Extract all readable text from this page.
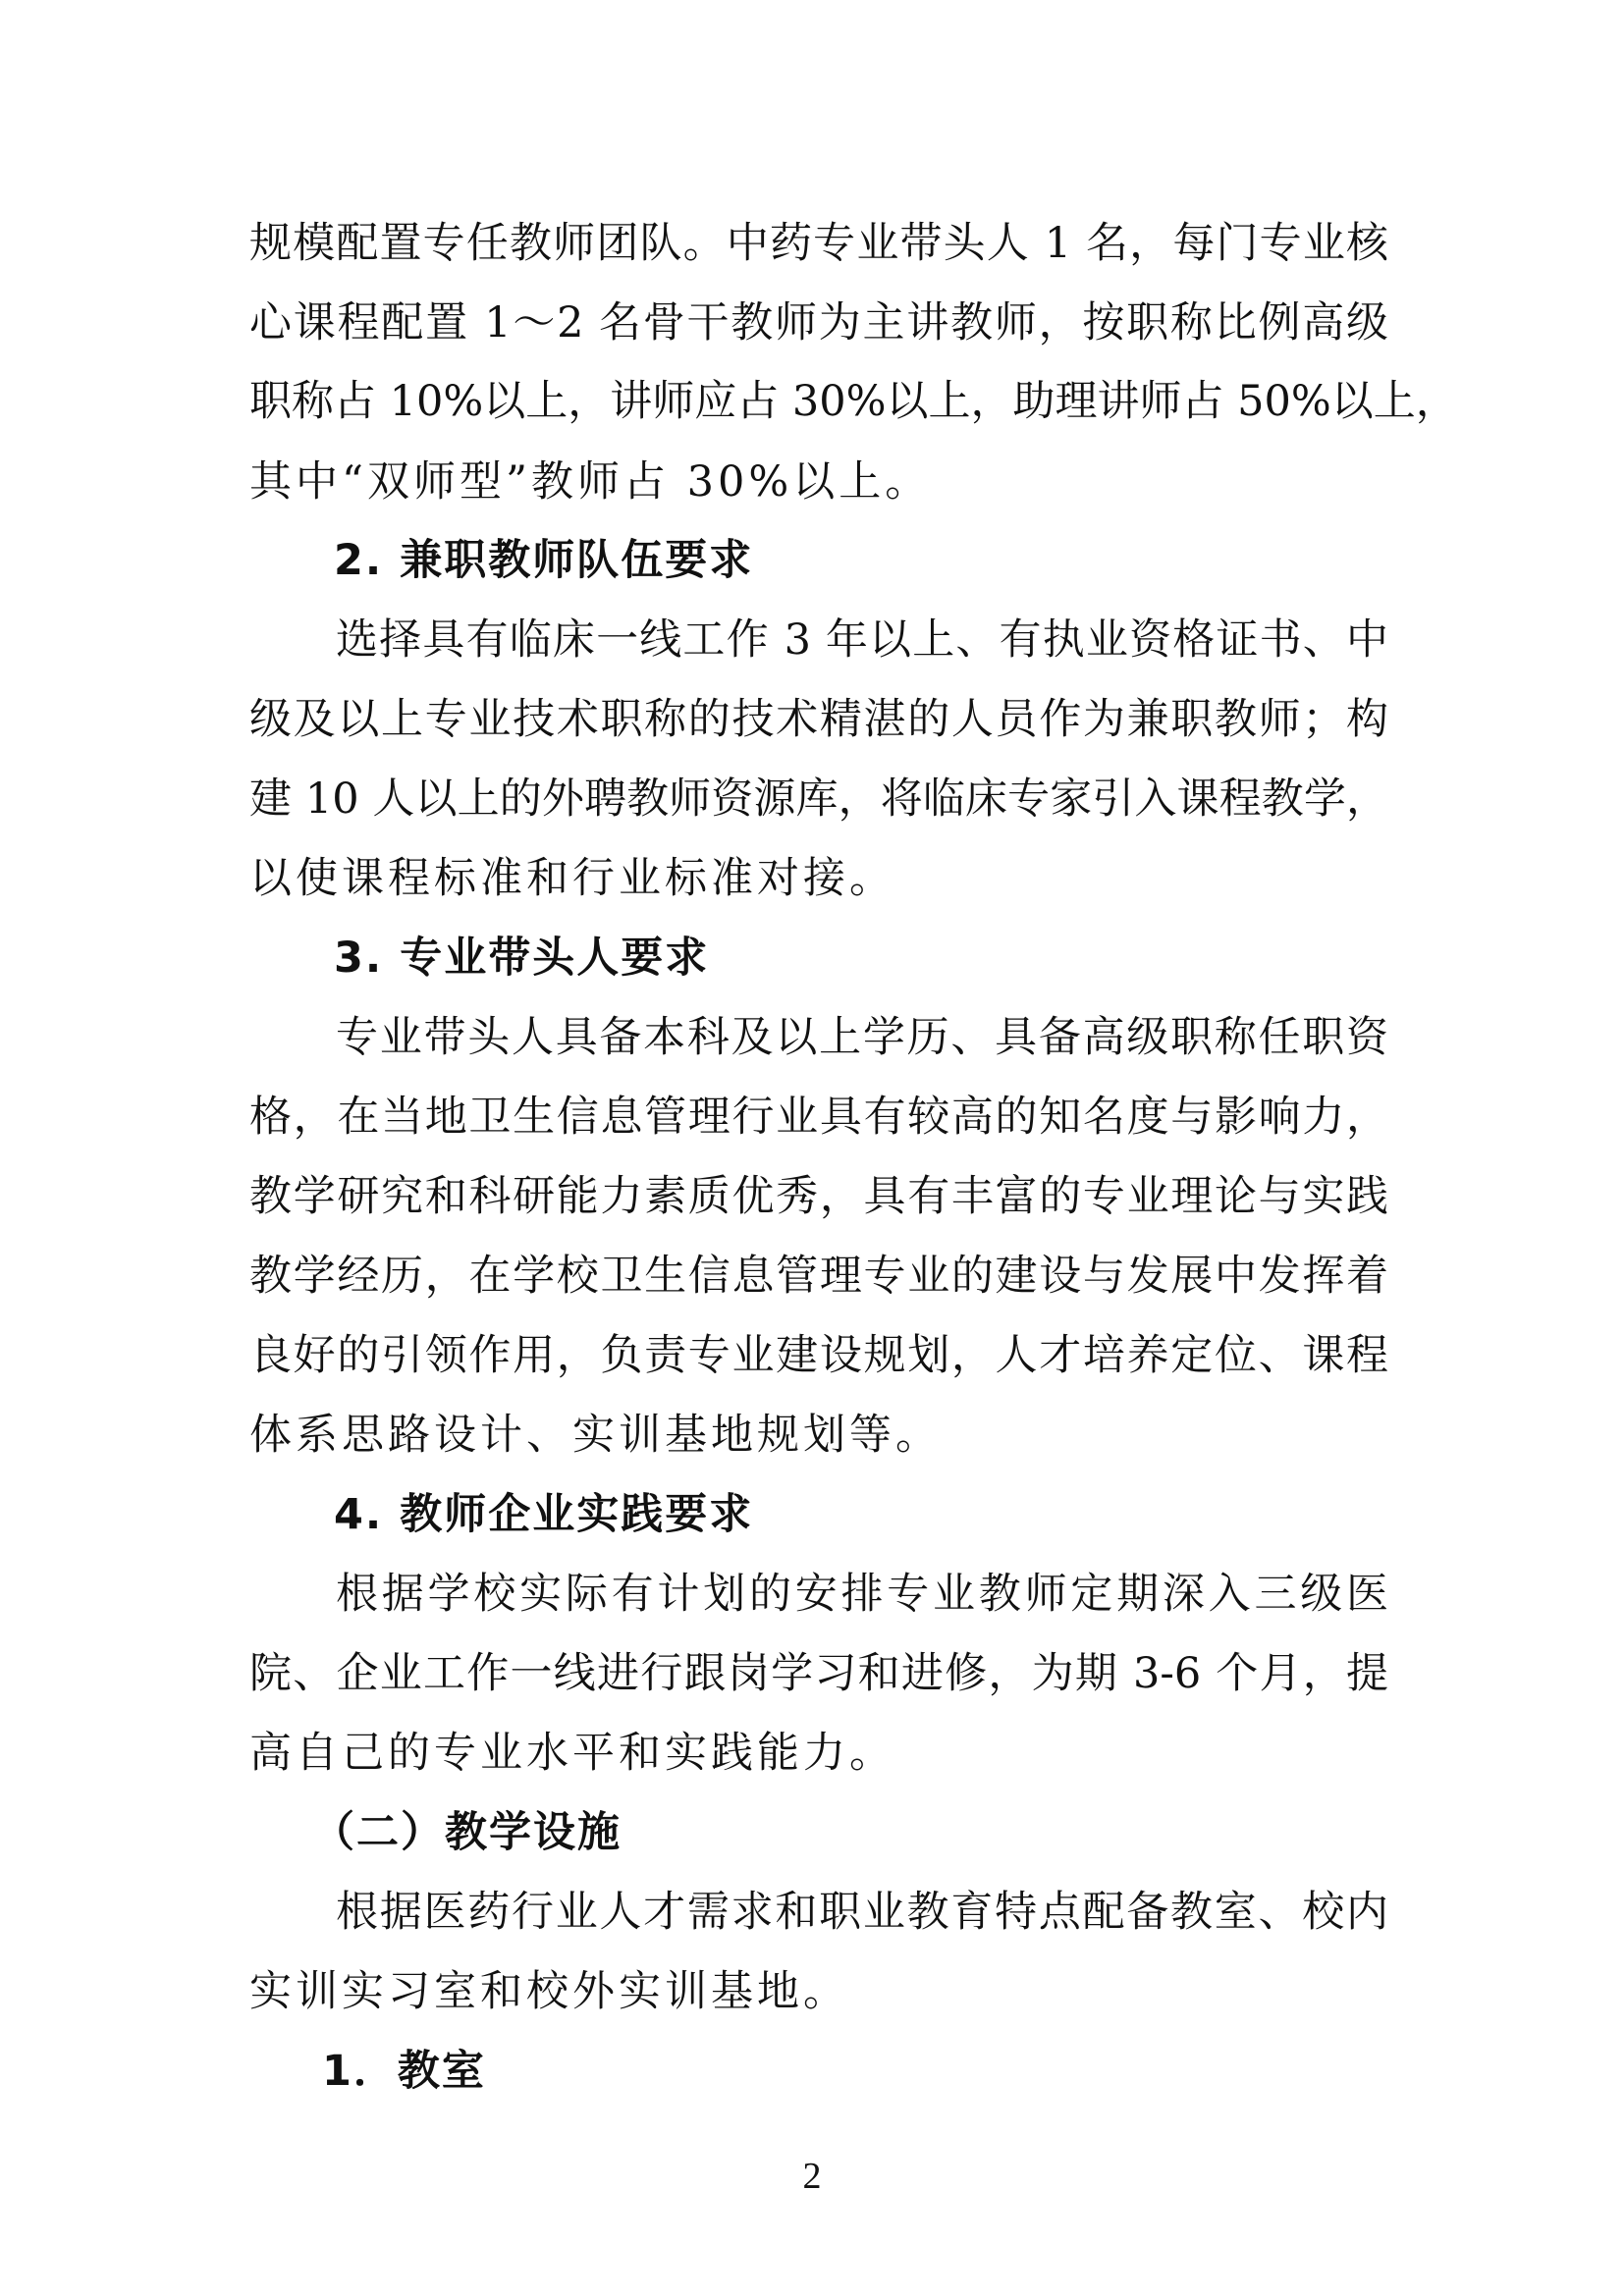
规模配置专任教师团队。中药专业带头人 1 名，每门专业核
心课程配置 1～2 名骨干教师为主讲教师，按职称比例高级
职称占 10%以上，讲师应占 30%以上，助理讲师占 50%以上，
其中“双师型”教师占 30%以上。
2. 兼职教师队伍要求
选择具有临床一线工作 3 年以上、有执业资格证书、中
级及以上专业技术职称的技术精湛的人员作为兼职教师；构
建 10 人以上的外聘教师资源库，将临床专家引入课程教学，
以使课程标准和行业标准对接。
3. 专业带头人要求
专业带头人具备本科及以上学历、具备高级职称任职资
格，在当地卫生信息管理行业具有较高的知名度与影响力，
教学研究和科研能力素质优秀，具有丰富的专业理论与实践
教学经历，在学校卫生信息管理专业的建设与发展中发挥着
良好的引领作用，负责专业建设规划，人才培养定位、课程
体系思路设计、实训基地规划等。
4. 教师企业实践要求
根据学校实际有计划的安排专业教师定期深入三级医
院、企业工作一线进行跟岗学习和进修，为期 3-6 个月，提
高自己的专业水平和实践能力。
（二）教学设施
根据医药行业人才需求和职业教育特点配备教室、校内
实训实习室和校外实训基地。
1．教室
2
